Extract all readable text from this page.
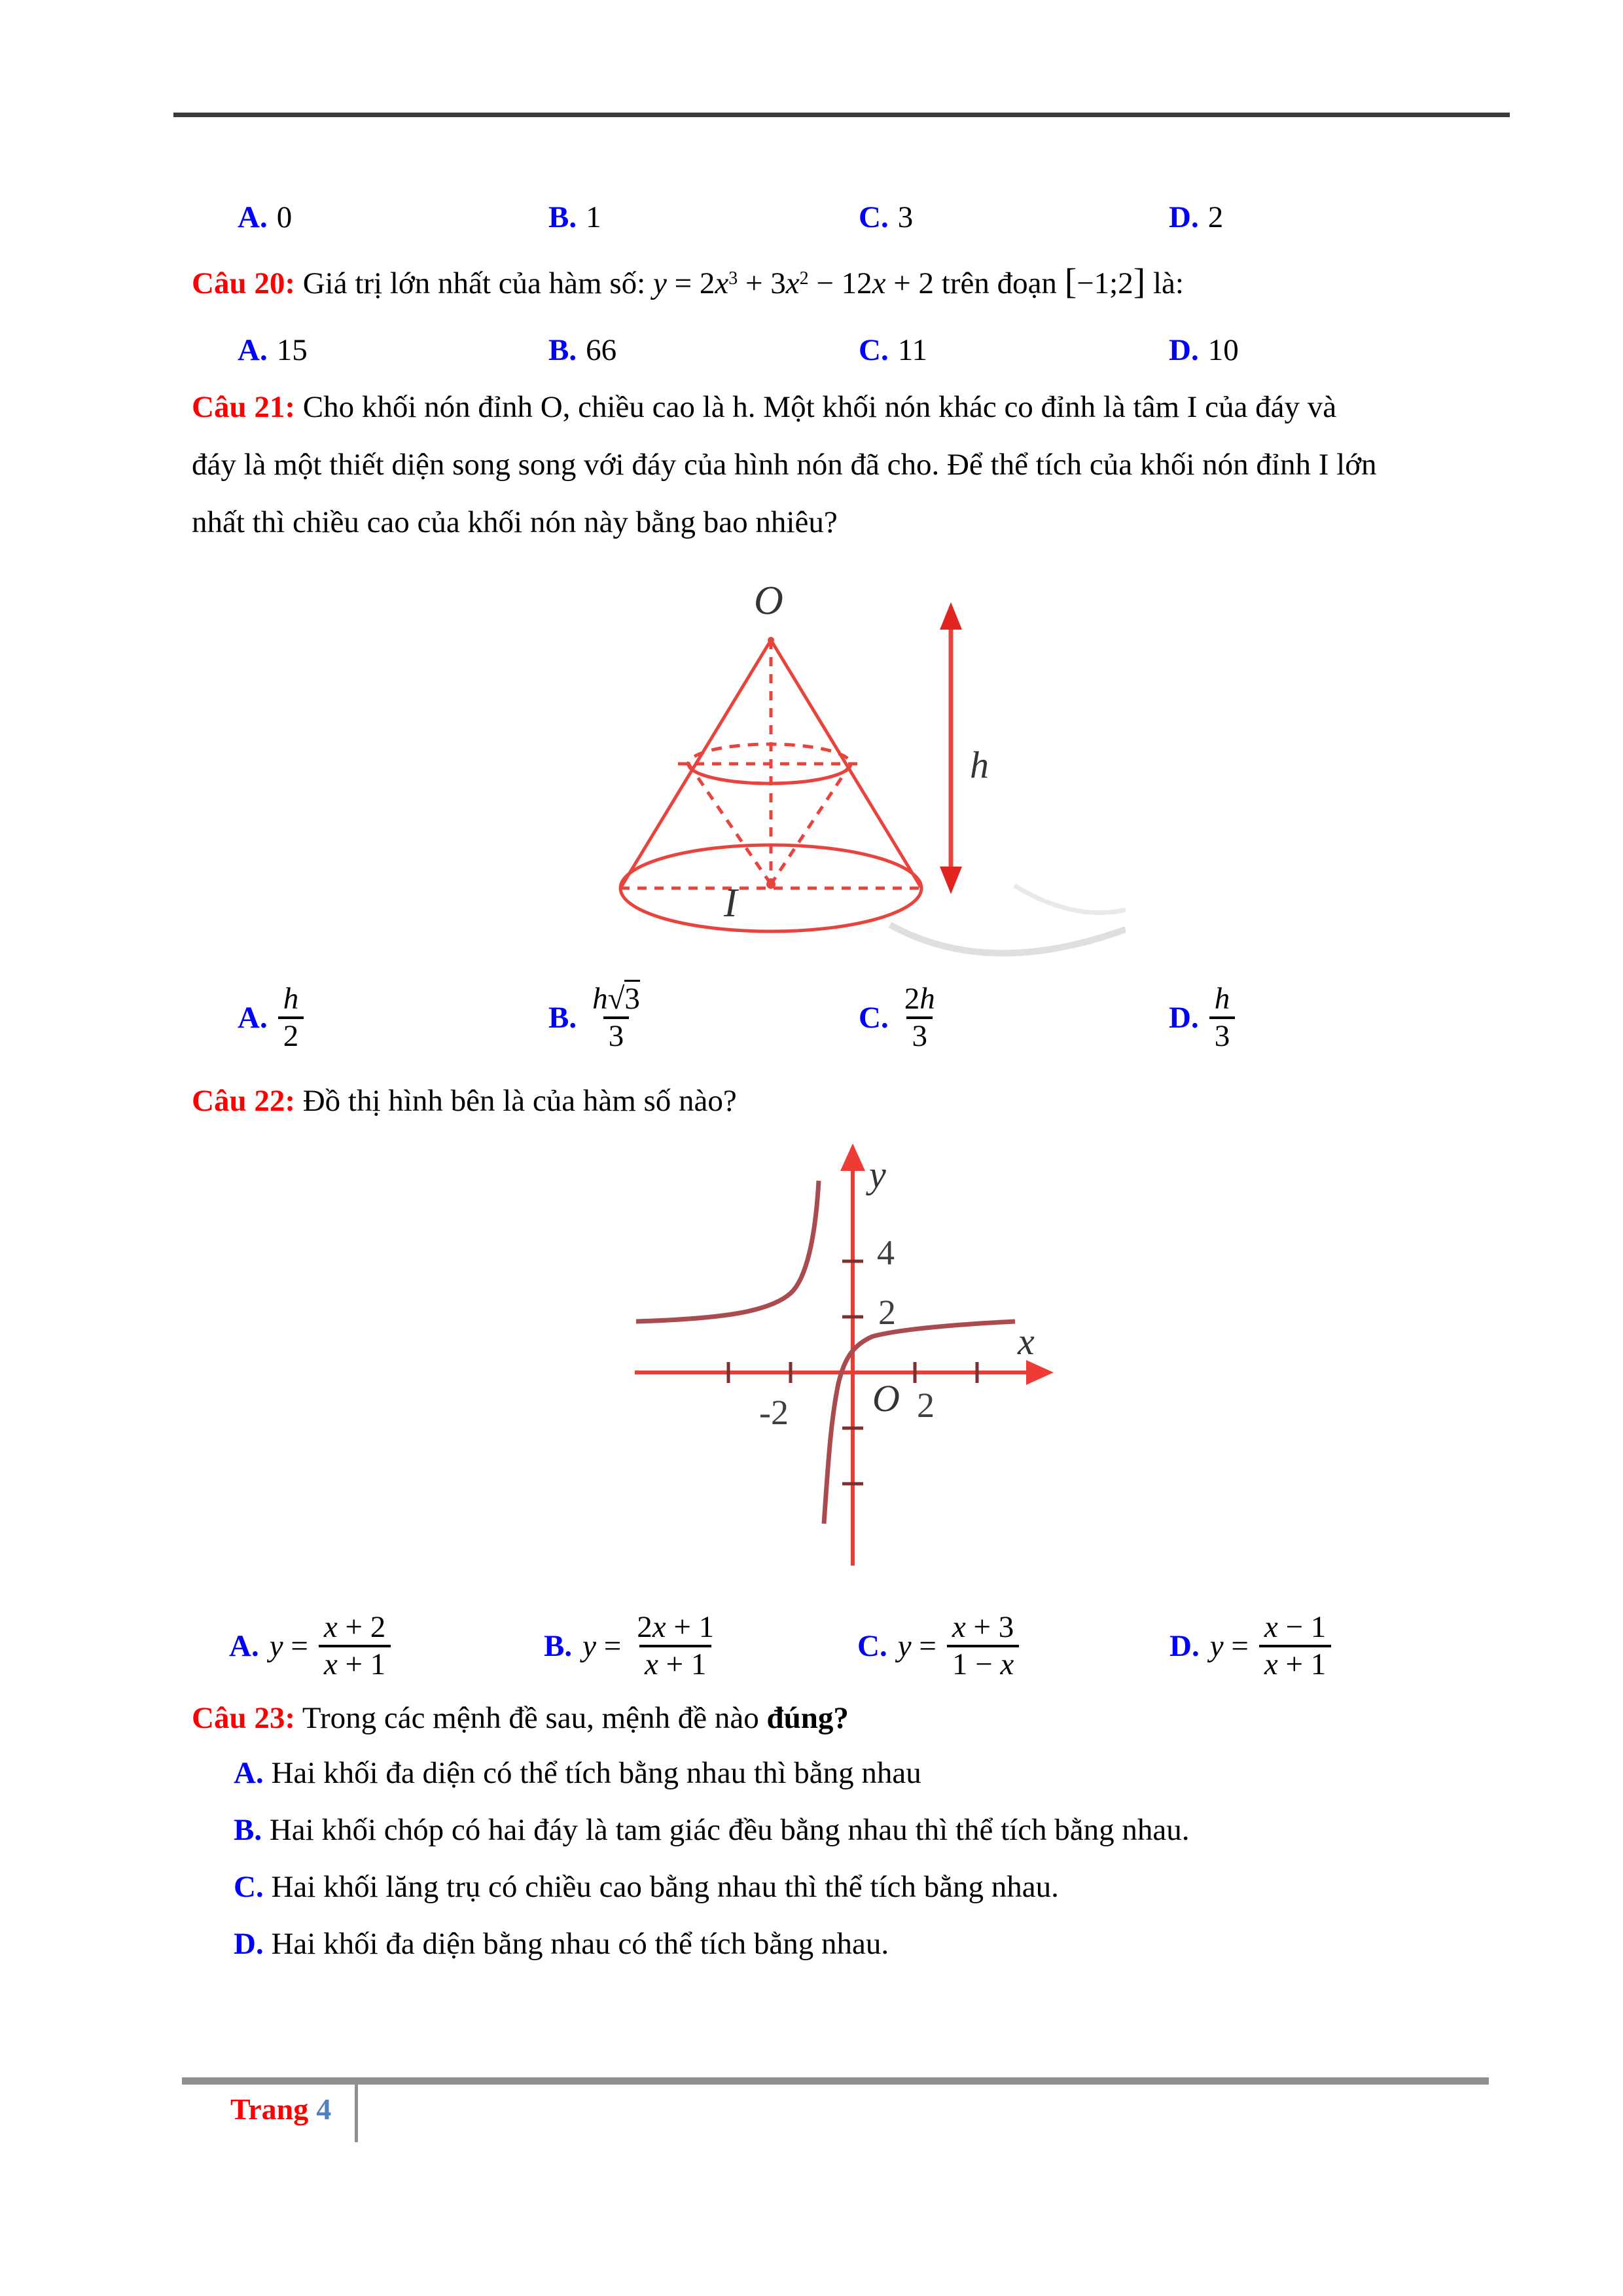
A. 0	B. 1	C. 3	D. 2
Câu 20: Giá trị lớn nhất của hàm số: $y = 2x^3 + 3x^2 - 12x + 2$ trên đoạn [−1;2] là:
A. 15	B. 66	C. 11	D. 10
Câu 21: Cho khối nón đỉnh O, chiều cao là h. Một khối nón khác co đỉnh là tâm I của đáy và
đáy là một thiết diện song song với đáy của hình nón đã cho. Để thể tích của khối nón đỉnh I lớn
nhất thì chiều cao của khối nón này bằng bao nhiêu?
O
I
h
A. $\frac{h}{2}$	B. $\frac{h√3}{3}$	C. $\frac{2h}{3}$	D. $\frac{h}{3}$
Câu 22: Đồ thị hình bên là của hàm số nào?
y
x
O
4
2
-2	2
A. $y = \frac{x + 2}{x + 1}$	B. $y = \frac{2x + 1}{x + 1}$	C. $y = \frac{x + 3}{1 - x}$	D. $y = \frac{x - 1}{x + 1}$
Câu 23: Trong các mệnh đề sau, mệnh đề nào đúng?
A. Hai khối đa diện có thể tích bằng nhau thì bằng nhau
B. Hai khối chóp có hai đáy là tam giác đều bằng nhau thì thể tích bằng nhau.
C. Hai khối lăng trụ có chiều cao bằng nhau thì thể tích bằng nhau.
D. Hai khối đa diện bằng nhau có thể tích bằng nhau.
Trang 4
